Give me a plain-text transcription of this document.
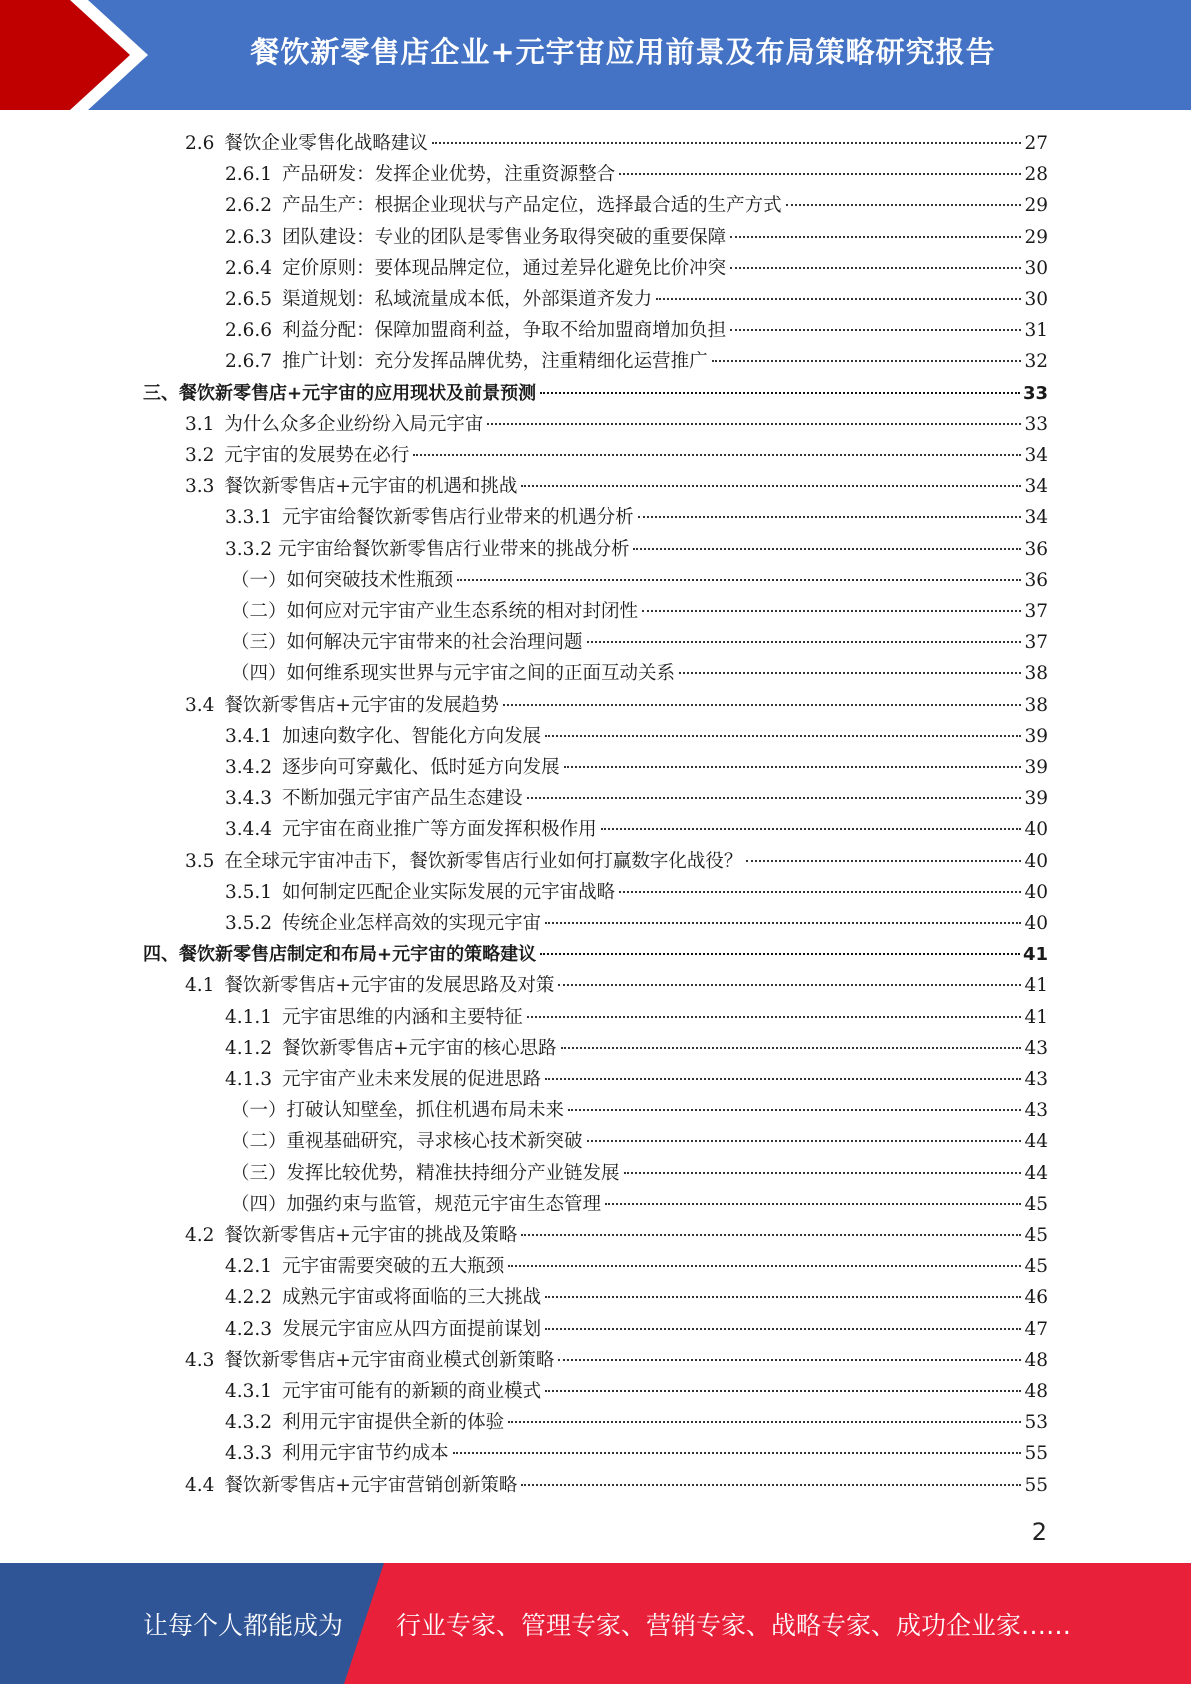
餐饮新零售店企业+元宇宙应用前景及布局策略研究报告
2.6 餐饮企业零售化战略建议	27
2.6.1 产品研发：发挥企业优势，注重资源整合	28
2.6.2 产品生产：根据企业现状与产品定位，选择最合适的生产方式	29
2.6.3 团队建设：专业的团队是零售业务取得突破的重要保障	29
2.6.4 定价原则：要体现品牌定位，通过差异化避免比价冲突	30
2.6.5 渠道规划：私域流量成本低，外部渠道齐发力	30
2.6.6 利益分配：保障加盟商利益，争取不给加盟商增加负担	31
2.6.7 推广计划：充分发挥品牌优势，注重精细化运营推广	32
三、餐饮新零售店+元宇宙的应用现状及前景预测	33
3.1 为什么众多企业纷纷入局元宇宙	33
3.2 元宇宙的发展势在必行	34
3.3 餐饮新零售店+元宇宙的机遇和挑战	34
3.3.1 元宇宙给餐饮新零售店行业带来的机遇分析	34
3.3.2 元宇宙给餐饮新零售店行业带来的挑战分析	36
（一）如何突破技术性瓶颈	36
（二）如何应对元宇宙产业生态系统的相对封闭性	37
（三）如何解决元宇宙带来的社会治理问题	37
（四）如何维系现实世界与元宇宙之间的正面互动关系	38
3.4 餐饮新零售店+元宇宙的发展趋势	38
3.4.1 加速向数字化、智能化方向发展	39
3.4.2 逐步向可穿戴化、低时延方向发展	39
3.4.3 不断加强元宇宙产品生态建设	39
3.4.4 元宇宙在商业推广等方面发挥积极作用	40
3.5 在全球元宇宙冲击下，餐饮新零售店行业如何打赢数字化战役？	40
3.5.1 如何制定匹配企业实际发展的元宇宙战略	40
3.5.2 传统企业怎样高效的实现元宇宙	40
四、餐饮新零售店制定和布局+元宇宙的策略建议	41
4.1 餐饮新零售店+元宇宙的发展思路及对策	41
4.1.1 元宇宙思维的内涵和主要特征	41
4.1.2 餐饮新零售店+元宇宙的核心思路	43
4.1.3 元宇宙产业未来发展的促进思路	43
（一）打破认知壁垒，抓住机遇布局未来	43
（二）重视基础研究，寻求核心技术新突破	44
（三）发挥比较优势，精准扶持细分产业链发展	44
（四）加强约束与监管，规范元宇宙生态管理	45
4.2 餐饮新零售店+元宇宙的挑战及策略	45
4.2.1 元宇宙需要突破的五大瓶颈	45
4.2.2 成熟元宇宙或将面临的三大挑战	46
4.2.3 发展元宇宙应从四方面提前谋划	47
4.3 餐饮新零售店+元宇宙商业模式创新策略	48
4.3.1 元宇宙可能有的新颖的商业模式	48
4.3.2 利用元宇宙提供全新的体验	53
4.3.3 利用元宇宙节约成本	55
4.4 餐饮新零售店+元宇宙营销创新策略	55
2
让每个人都能成为 行业专家、管理专家、营销专家、战略专家、成功企业家……
